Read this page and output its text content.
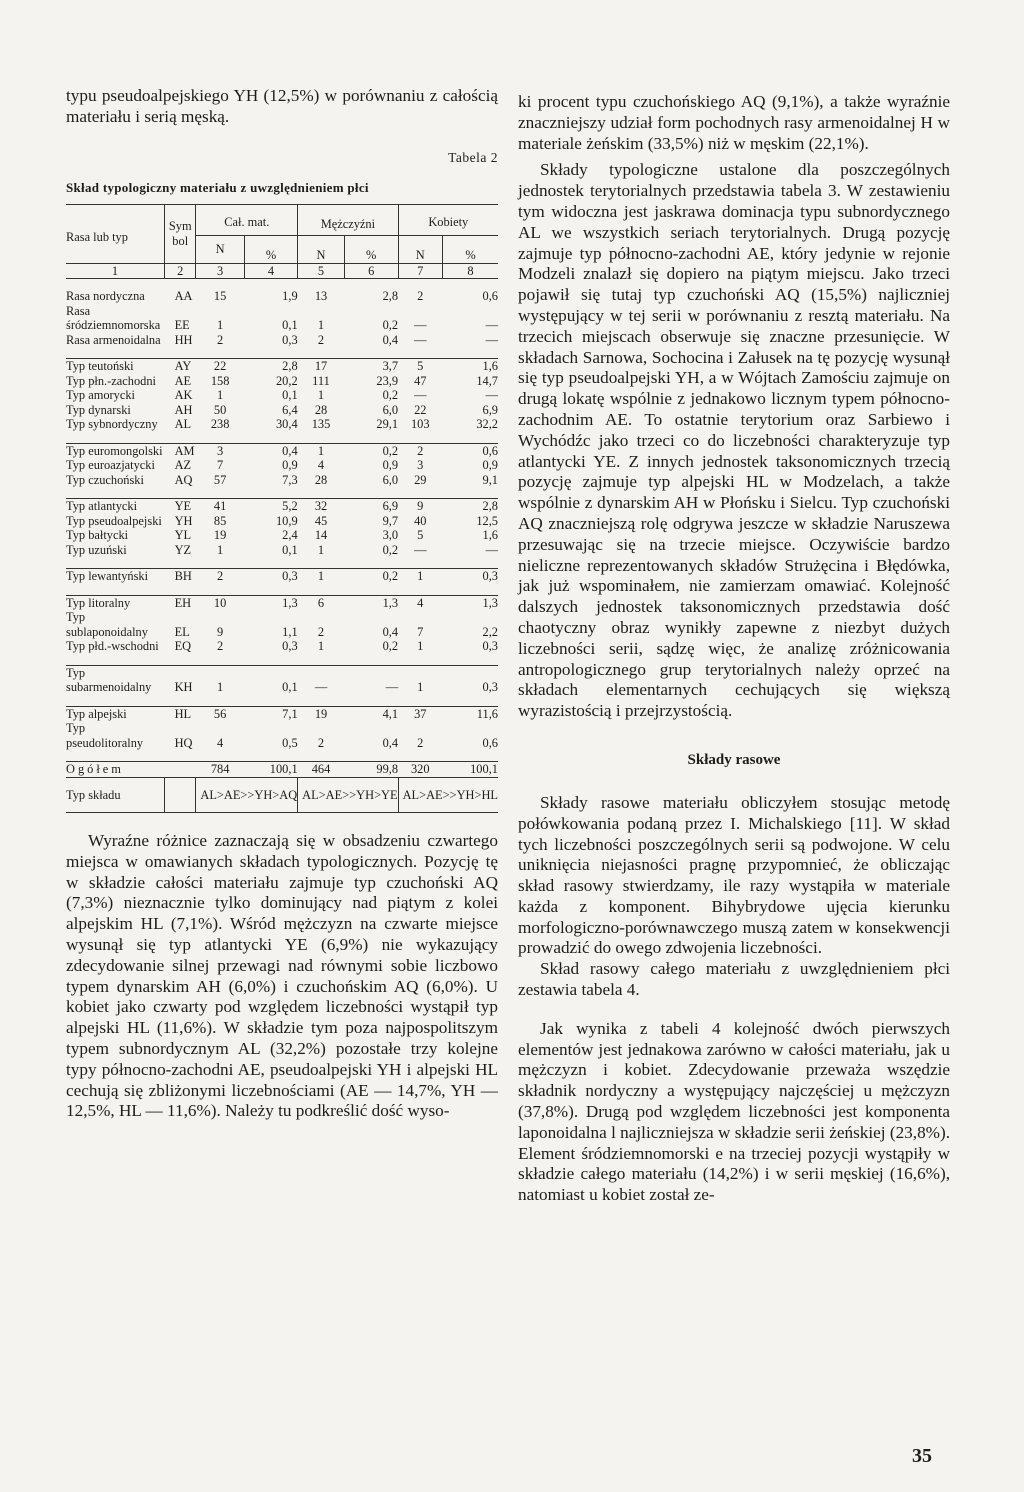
typu pseudoalpejskiego YH (12,5%) w porównaniu z całością materiału i serią męską.

Tabela 2
Skład typologiczny materiału z uwzględnieniem płci
Rasa lub typ	Sym bol	Cał. mat.		Mężczyźni		Kobiety	
		N	%	N	%	N	%
1	2	3	4	5	6	7	8

Rasa nordyczna	AA	15	1,9	13	2,8	2	0,6
Rasa śródziemnomorska	EE	1	0,1	1	0,2	—	—
Rasa armenoidalna	HH	2	0,3	2	0,4	—	—

Typ teutoński	AY	22	2,8	17	3,7	5	1,6
Typ płn.-zachodni	AE	158	20,2	111	23,9	47	14,7
Typ amorycki	AK	1	0,1	1	0,2	—	—
Typ dynarski	AH	50	6,4	28	6,0	22	6,9
Typ sybnordyczny	AL	238	30,4	135	29,1	103	32,2

Typ euromongolski	AM	3	0,4	1	0,2	2	0,6
Typ euroazjatycki	AZ	7	0,9	4	0,9	3	0,9
Typ czuchoński	AQ	57	7,3	28	6,0	29	9,1

Typ atlantycki	YE	41	5,2	32	6,9	9	2,8
Typ pseudoalpejski	YH	85	10,9	45	9,7	40	12,5
Typ bałtycki	YL	19	2,4	14	3,0	5	1,6
Typ uzuński	YZ	1	0,1	1	0,2	—	—

Typ lewantyński	BH	2	0,3	1	0,2	1	0,3

Typ litoralny	EH	10	1,3	6	1,3	4	1,3
Typ sublaponoidalny	EL	9	1,1	2	0,4	7	2,2
Typ płd.-wschodni	EQ	2	0,3	1	0,2	1	0,3

Typ subarmenoidalny	KH	1	0,1	—	—	1	0,3

Typ alpejski	HL	56	7,1	19	4,1	37	11,6
Typ pseudolitoralny	HQ	4	0,5	2	0,4	2	0,6

Ogółem		784	100,1	464	99,8	320	100,1
Typ składu		AL>AE>>YH>AQ		AL>AE>>YH>YE		AL>AE>>YH>HL	

Wyraźne różnice zaznaczają się w obsadzeniu czwartego miejsca w omawianych składach typologicznych. Pozycję tę w składzie całości materiału zajmuje typ czuchoński AQ (7,3%) nieznacznie tylko dominujący nad piątym z kolei alpejskim HL (7,1%). Wśród mężczyzn na czwarte miejsce wysunął się typ atlantycki YE (6,9%) nie wykazujący zdecydowanie silnej przewagi nad równymi sobie liczbowo typem dynarskim AH (6,0%) i czuchońskim AQ (6,0%). U kobiet jako czwarty pod względem liczebności wystąpił typ alpejski HL (11,6%). W składzie tym poza najpospolitszym typem subnordycznym AL (32,2%) pozostałe trzy kolejne typy północno-zachodni AE, pseudoalpejski YH i alpejski HL cechują się zbliżonymi liczebnościami (AE — 14,7%, YH — 12,5%, HL — 11,6%). Należy tu podkreślić dość wyso-

ki procent typu czuchońskiego AQ (9,1%), a także wyraźnie znaczniejszy udział form pochodnych rasy armenoidalnej H w materiale żeńskim (33,5%) niż w męskim (22,1%).

Składy typologiczne ustalone dla poszczególnych jednostek terytorialnych przedstawia tabela 3. W zestawieniu tym widoczna jest jaskrawa dominacja typu subnordycznego AL we wszystkich seriach terytorialnych. Drugą pozycję zajmuje typ północno-zachodni AE, który jedynie w rejonie Modzeli znalazł się dopiero na piątym miejscu. Jako trzeci pojawił się tutaj typ czuchoński AQ (15,5%) najliczniej występujący w tej serii w porównaniu z resztą materiału. Na trzecich miejscach obserwuje się znaczne przesunięcie. W składach Sarnowa, Sochocina i Załusek na tę pozycję wysunął się typ pseudoalpejski YH, a w Wójtach Zamościu zajmuje on drugą lokatę wspólnie z jednakowo licznym typem północno-zachodnim AE. To ostatnie terytorium oraz Sarbiewo i Wychódźc jako trzeci co do liczebności charakteryzuje typ atlantycki YE. Z innych jednostek taksonomicznych trzecią pozycję zajmuje typ alpejski HL w Modzelach, a także wspólnie z dynarskim AH w Płońsku i Sielcu. Typ czuchoński AQ znaczniejszą rolę odgrywa jeszcze w składzie Naruszewa przesuwając się na trzecie miejsce. Oczywiście bardzo nieliczne reprezentowanych składów Strużęcina i Błędówka, jak już wspominałem, nie zamierzam omawiać. Kolejność dalszych jednostek taksonomicznych przedstawia dość chaotyczny obraz wynikły zapewne z niezbyt dużych liczebności serii, sądzę więc, że analizę zróżnicowania antropologicznego grup terytorialnych należy oprzeć na składach elementarnych cechujących się większą wyrazistością i przejrzystością.

Składy rasowe

Składy rasowe materiału obliczyłem stosując metodę połówkowania podaną przez I. Michalskiego [11]. W skład tych liczebności poszczególnych serii są podwojone. W celu uniknięcia niejasności pragnę przypomnieć, że obliczając skład rasowy stwierdzamy, ile razy wystąpiła w materiale każda z komponent. Bihybrydowe ujęcia kierunku morfologiczno-porównawczego muszą zatem w konsekwencji prowadzić do owego zdwojenia liczebności.

Skład rasowy całego materiału z uwzględnieniem płci zestawia tabela 4.

Jak wynika z tabeli 4 kolejność dwóch pierwszych elementów jest jednakowa zarówno w całości materiału, jak u mężczyzn i kobiet. Zdecydowanie przeważa wszędzie składnik nordyczny a występujący najczęściej u mężczyzn (37,8%). Drugą pod względem liczebności jest komponenta laponoidalna l najliczniejsza w składzie serii żeńskiej (23,8%). Element śródziemnomorski e na trzeciej pozycji wystąpiły w składzie całego materiału (14,2%) i w serii męskiej (16,6%), natomiast u kobiet został ze-

35
